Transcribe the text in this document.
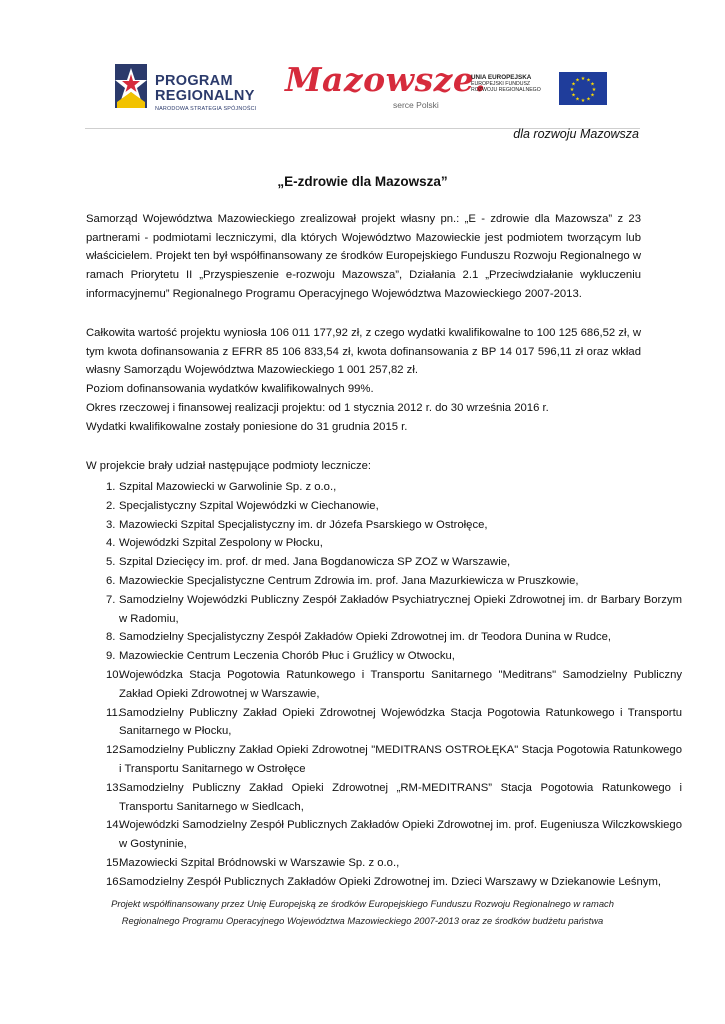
PROGRAM
REGIONALNY
NARODOWA STRATEGIA SPÓJNOŚCI
Mazowsze.
serce Polski
UNIA EUROPEJSKA
EUROPEJSKI FUNDUSZ
ROZWOJU REGIONALNEGO
★ ★
★
★
★
★
★
★
★
★
★
★
dla rozwoju Mazowsza
„E-zdrowie dla Mazowsza”
Samorząd Województwa Mazowieckiego zrealizował projekt własny pn.: „E - zdrowie dla Mazowsza” z 23 partnerami - podmiotami leczniczymi, dla których Województwo Mazowieckie jest podmiotem tworzącym lub właścicielem. Projekt ten był współfinansowany ze środków Europejskiego Funduszu Rozwoju Regionalnego w ramach Priorytetu II „Przyspieszenie e-rozwoju Mazowsza”, Działania 2.1 „Przeciwdziałanie wykluczeniu informacyjnemu” Regionalnego Programu Operacyjnego Województwa Mazowieckiego 2007-2013.
Całkowita wartość projektu wyniosła 106 011 177,92 zł, z czego wydatki kwalifikowalne to 100 125 686,52 zł, w tym kwota dofinansowania z EFRR 85 106 833,54 zł, kwota dofinansowania z BP 14 017 596,11 zł oraz wkład własny Samorządu Województwa Mazowieckiego 1 001 257,82 zł.
Poziom dofinansowania wydatków kwalifikowalnych 99%.
Okres rzeczowej i finansowej realizacji projektu: od 1 stycznia 2012 r. do 30 września 2016 r.
Wydatki kwalifikowalne zostały poniesione do 31 grudnia 2015 r.
W projekcie brały udział następujące podmioty lecznicze:
1. Szpital Mazowiecki w Garwolinie Sp. z o.o.,
2. Specjalistyczny Szpital Wojewódzki w Ciechanowie,
3. Mazowiecki Szpital Specjalistyczny im. dr Józefa Psarskiego w Ostrołęce,
4. Wojewódzki Szpital Zespolony w Płocku,
5. Szpital Dziecięcy im. prof. dr med. Jana Bogdanowicza SP ZOZ w Warszawie,
6. Mazowieckie Specjalistyczne Centrum Zdrowia im. prof. Jana Mazurkiewicza w Pruszkowie,
7. Samodzielny Wojewódzki Publiczny Zespół Zakładów Psychiatrycznej Opieki Zdrowotnej im. dr Barbary Borzym w Radomiu,
8. Samodzielny Specjalistyczny Zespół Zakładów Opieki Zdrowotnej im. dr Teodora Dunina w Rudce,
9. Mazowieckie Centrum Leczenia Chorób Płuc i Gruźlicy w Otwocku,
10.
Wojewódzka Stacja Pogotowia Ratunkowego i Transportu Sanitarnego "Meditrans" Samodzielny Publiczny Zakład Opieki Zdrowotnej w Warszawie,
11.
Samodzielny Publiczny Zakład Opieki Zdrowotnej Wojewódzka Stacja Pogotowia Ratunkowego i Transportu Sanitarnego w Płocku,
12.
Samodzielny Publiczny Zakład Opieki Zdrowotnej "MEDITRANS OSTROŁĘKA" Stacja Pogotowia Ratunkowego i Transportu Sanitarnego w Ostrołęce
13.
Samodzielny Publiczny Zakład Opieki Zdrowotnej „RM-MEDITRANS” Stacja Pogotowia Ratunkowego i Transportu Sanitarnego w Siedlcach,
14.
Wojewódzki Samodzielny Zespół Publicznych Zakładów Opieki Zdrowotnej im. prof. Eugeniusza Wilczkowskiego w Gostyninie,
15.
Mazowiecki Szpital Bródnowski w Warszawie Sp. z o.o.,
16.
Samodzielny Zespół Publicznych Zakładów Opieki Zdrowotnej im. Dzieci Warszawy w Dziekanowie Leśnym,
Projekt współfinansowany przez Unię Europejską ze środków Europejskiego Funduszu Rozwoju Regionalnego w ramach
Regionalnego Programu Operacyjnego Województwa Mazowieckiego 2007-2013 oraz ze środków budżetu państwa
